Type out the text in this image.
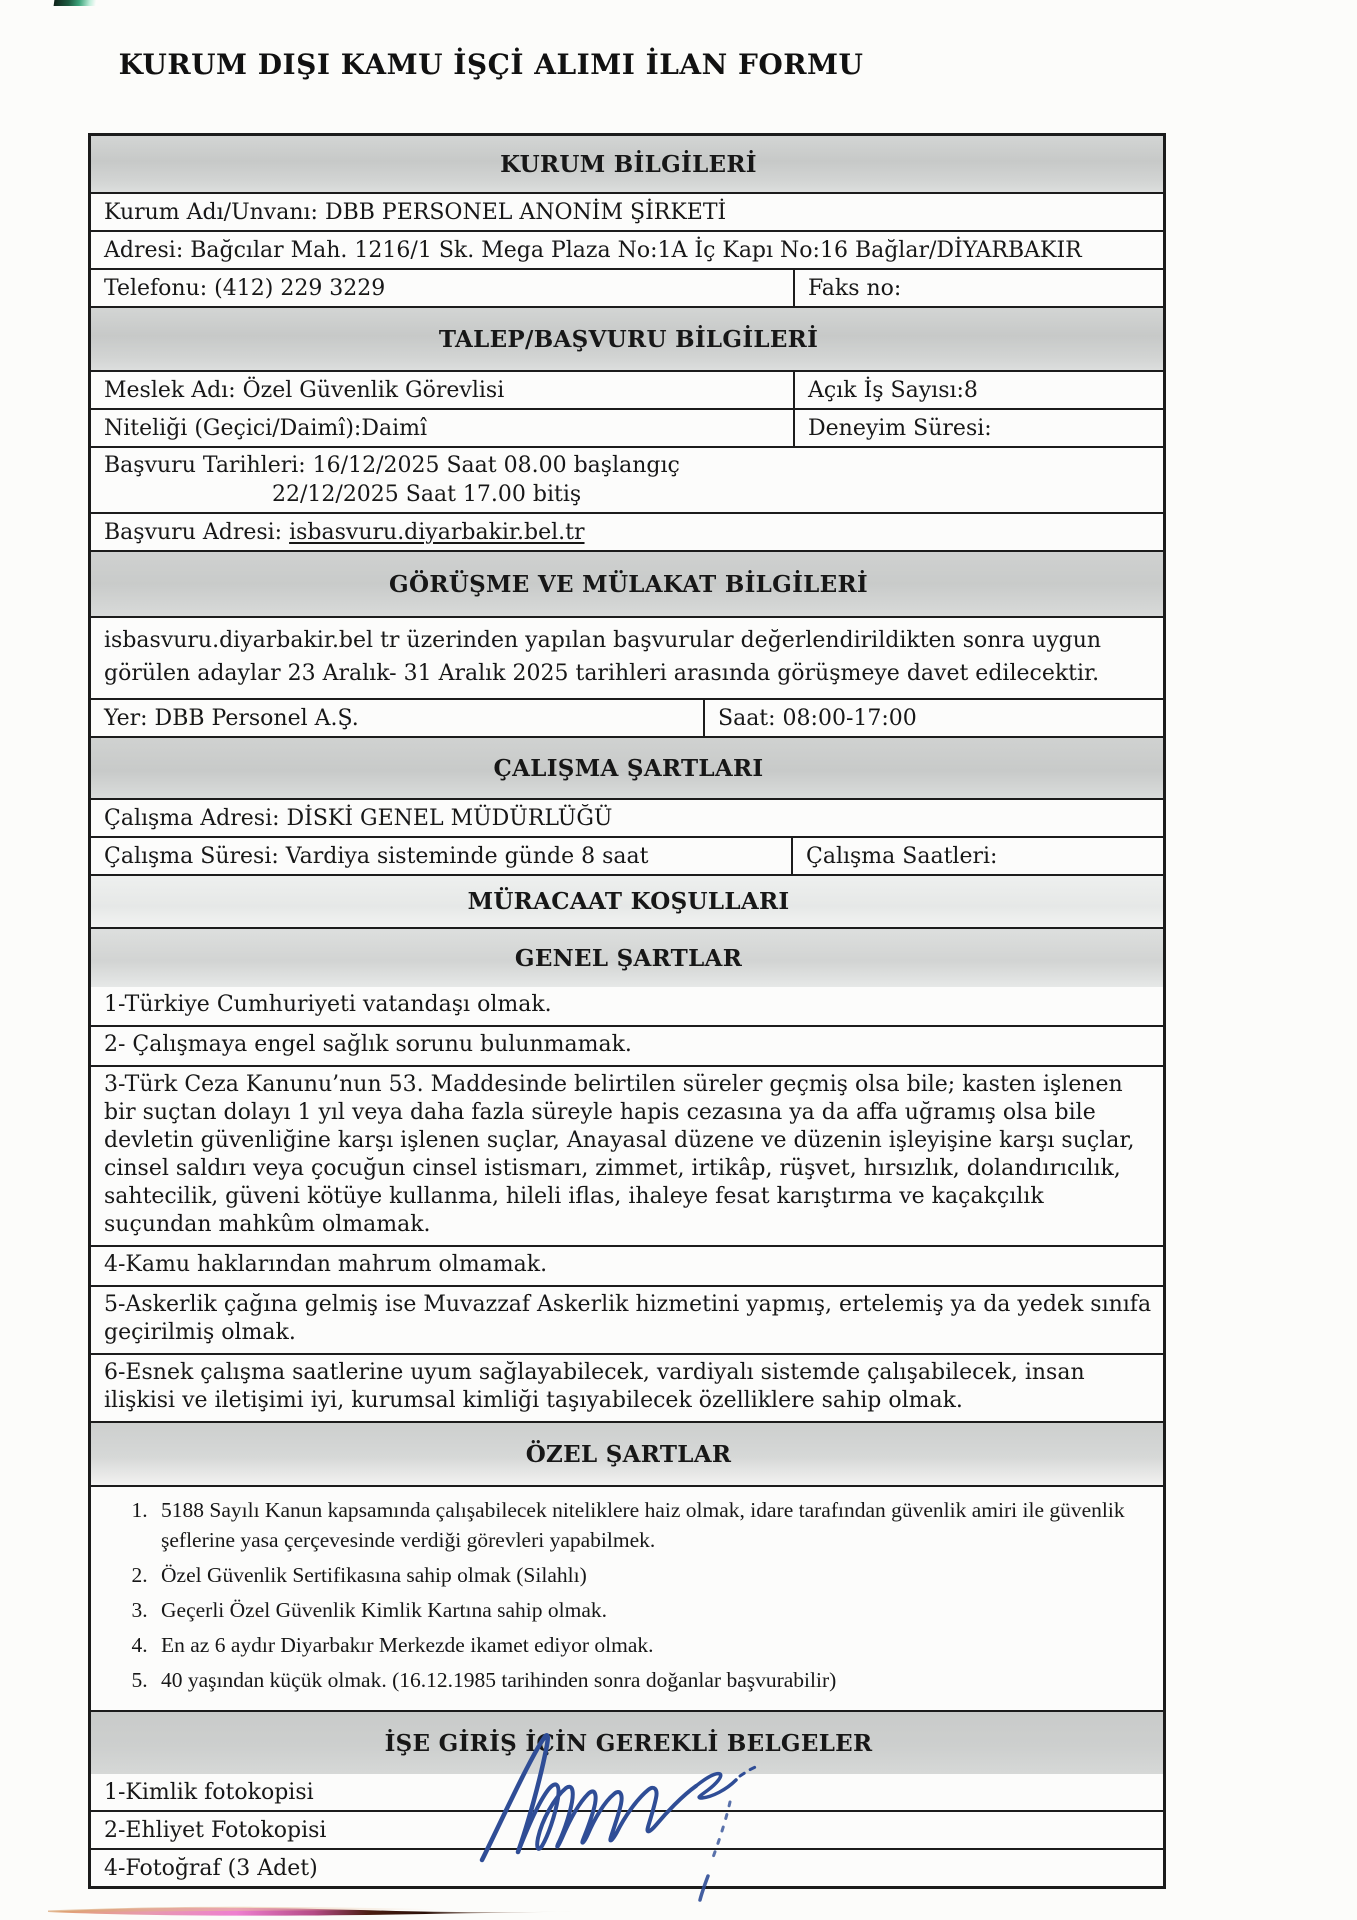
KURUM DIŞI KAMU İŞÇİ ALIMI İLAN FORMU
KURUM BİLGİLERİ
Kurum Adı/Unvanı: DBB PERSONEL ANONİM ŞİRKETİ
Adresi: Bağcılar Mah. 1216/1 Sk. Mega Plaza No:1A İç Kapı No:16 Bağlar/DİYARBAKIR
Telefonu: (412) 229 3229	Faks no:
TALEP/BAŞVURU BİLGİLERİ
Meslek Adı: Özel Güvenlik Görevlisi	Açık İş Sayısı:8
Niteliği (Geçici/Daimî):Daimî	Deneyim Süresi:
Başvuru Tarihleri: 16/12/2025 Saat 08.00 başlangıç
22/12/2025 Saat 17.00 bitiş
Başvuru Adresi: isbasvuru.diyarbakir.bel.tr
GÖRÜŞME VE MÜLAKAT BİLGİLERİ
isbasvuru.diyarbakir.bel tr üzerinden yapılan başvurular değerlendirildikten sonra uygun görülen adaylar 23 Aralık- 31 Aralık 2025 tarihleri arasında görüşmeye davet edilecektir.
Yer: DBB Personel A.Ş.	Saat: 08:00-17:00
ÇALIŞMA ŞARTLARI
Çalışma Adresi: DİSKİ GENEL MÜDÜRLÜĞÜ
Çalışma Süresi: Vardiya sisteminde günde 8 saat	Çalışma Saatleri:
MÜRACAAT KOŞULLARI
GENEL ŞARTLAR
1-Türkiye Cumhuriyeti vatandaşı olmak.
2- Çalışmaya engel sağlık sorunu bulunmamak.
3-Türk Ceza Kanunu’nun 53. Maddesinde belirtilen süreler geçmiş olsa bile; kasten işlenen bir suçtan dolayı 1 yıl veya daha fazla süreyle hapis cezasına ya da affa uğramış olsa bile devletin güvenliğine karşı işlenen suçlar, Anayasal düzene ve düzenin işleyişine karşı suçlar, cinsel saldırı veya çocuğun cinsel istismarı, zimmet, irtikâp, rüşvet, hırsızlık, dolandırıcılık, sahtecilik, güveni kötüye kullanma, hileli iflas, ihaleye fesat karıştırma ve kaçakçılık suçundan mahkûm olmamak.
4-Kamu haklarından mahrum olmamak.
5-Askerlik çağına gelmiş ise Muvazzaf Askerlik hizmetini yapmış, ertelemiş ya da yedek sınıfa geçirilmiş olmak.
6-Esnek çalışma saatlerine uyum sağlayabilecek, vardiyalı sistemde çalışabilecek, insan ilişkisi ve iletişimi iyi, kurumsal kimliği taşıyabilecek özelliklere sahip olmak.
ÖZEL ŞARTLAR
1. 5188 Sayılı Kanun kapsamında çalışabilecek niteliklere haiz olmak, idare tarafından güvenlik amiri ile güvenlik şeflerine yasa çerçevesinde verdiği görevleri yapabilmek.
2. Özel Güvenlik Sertifikasına sahip olmak (Silahlı)
3. Geçerli Özel Güvenlik Kimlik Kartına sahip olmak.
4. En az 6 aydır Diyarbakır Merkezde ikamet ediyor olmak.
5. 40 yaşından küçük olmak. (16.12.1985 tarihinden sonra doğanlar başvurabilir)
İŞE GİRİŞ İÇİN GEREKLİ BELGELER
1-Kimlik fotokopisi
2-Ehliyet Fotokopisi
4-Fotoğraf (3 Adet)
